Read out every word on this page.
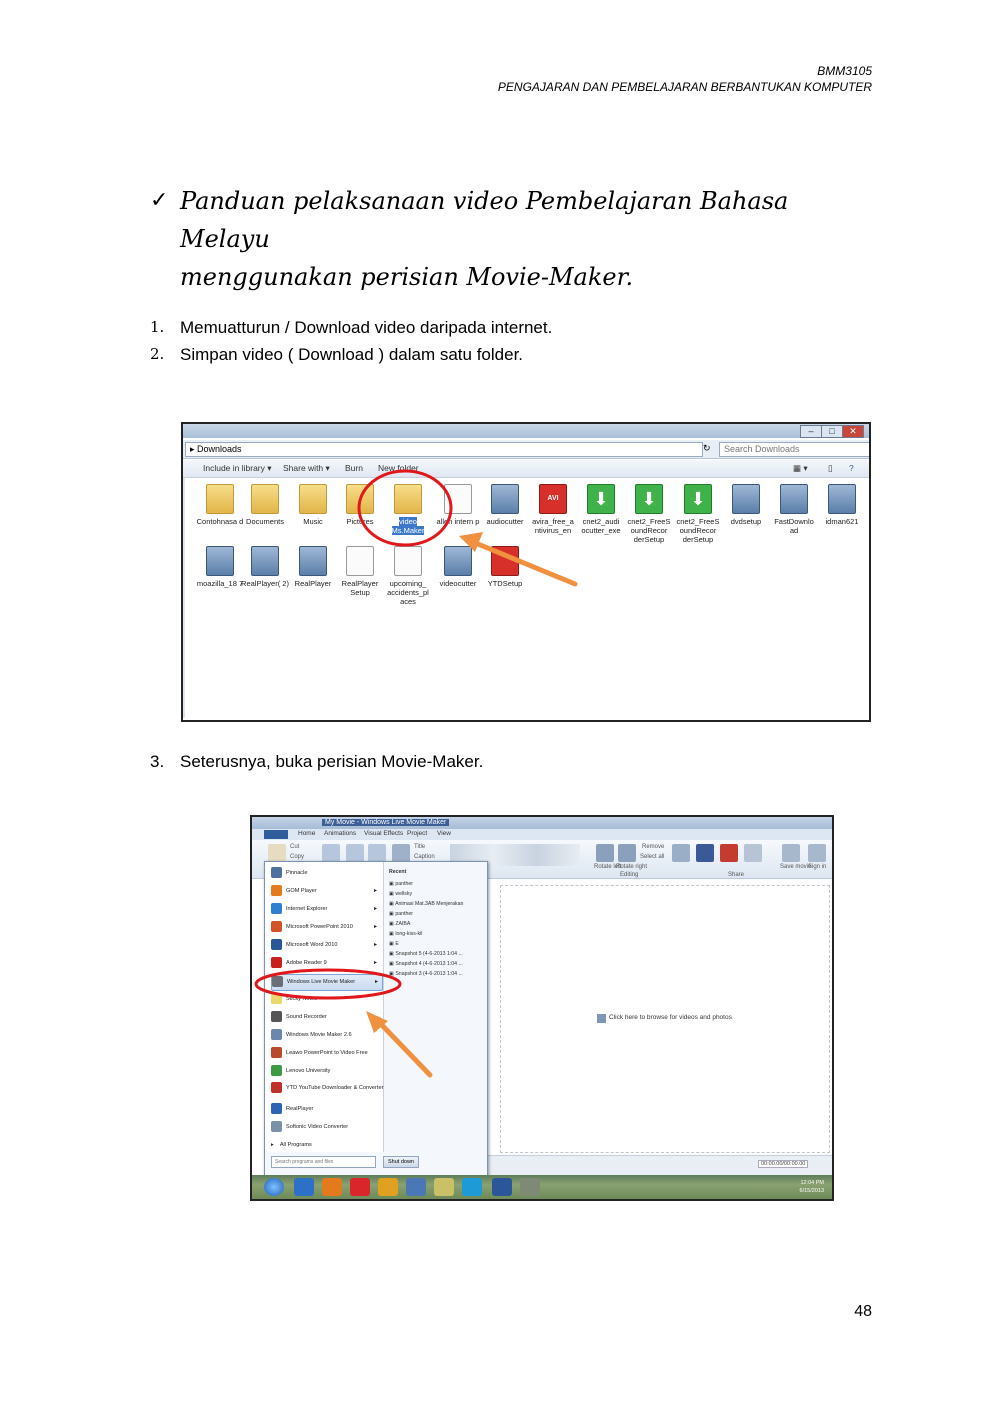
BMM3105
PENGAJARAN DAN PEMBELAJARAN BERBANTUKAN KOMPUTER
✓ Panduan pelaksanaan video Pembelajaran Bahasa Melayu
menggunakan perisian Movie-Maker.
1. Memuatturun / Download video daripada internet.
2. Simpan video ( Download ) dalam satu folder.
–	□	✕
▸ Downloads	↻	Search Downloads
Include in library ▾ Share with ▾ Burn New folder	▦ ▾ ▯ ?
Contohnasa d Documents	Music	Pictures	video Ms.Maker
allen intern p audiocutter
AVI
avira_free_a ntivirus_en
⬇
cnet2_audi ocutter_exe
⬇
cnet2_FreeS oundRecor derSetup
⬇
cnet2_FreeS oundRecor derSetup
dvdsetup	FastDownlo ad
idman621
moazilla_18 7
RealPlayer( 2) RealPlayer	RealPlayer Setup
upcoming_ accidents_pl aces
videocutter	YTDSetup
3. Seterusnya, buka perisian Movie-Maker.
My Movie - Windows Live Movie Maker
Home Animations Visual Effects Project View
Cut
Copy
Title
Caption
Rotate left
Rotate right
Select all
Remove
Editing	Share
Save movie
Sign in
Click here to browse for videos and photos
00:00.00/00:00.00
Pinnacle
GOM Player	▸
Internet Explorer	▸
Microsoft PowerPoint 2010	▸
Microsoft Word 2010	▸
Adobe Reader 9	▸
Windows Live Movie Maker	▸
Sticky Notes
Sound Recorder
Windows Movie Maker 2.6
Leawo PowerPoint to Video Free
Lenovo University
YTD YouTube Downloader & Converter
RealPlayer
Softonic Video Converter
▸ All Programs
Recent
▣ panther
▣ wellsky
▣ Animasi Mat.3AB Menjerakan
▣ panther
▣ ZAIBA
▣ long-kiss-kil
▣ E
▣ Snapshot 5 (4-6-2013 1:04 ...
▣ Snapshot 4 (4-6-2013 1:04 ...
▣ Snapshot 3 (4-6-2013 1:04 ...
Search programs and files	Shut down
12:04 PM
6/15/2013
48
